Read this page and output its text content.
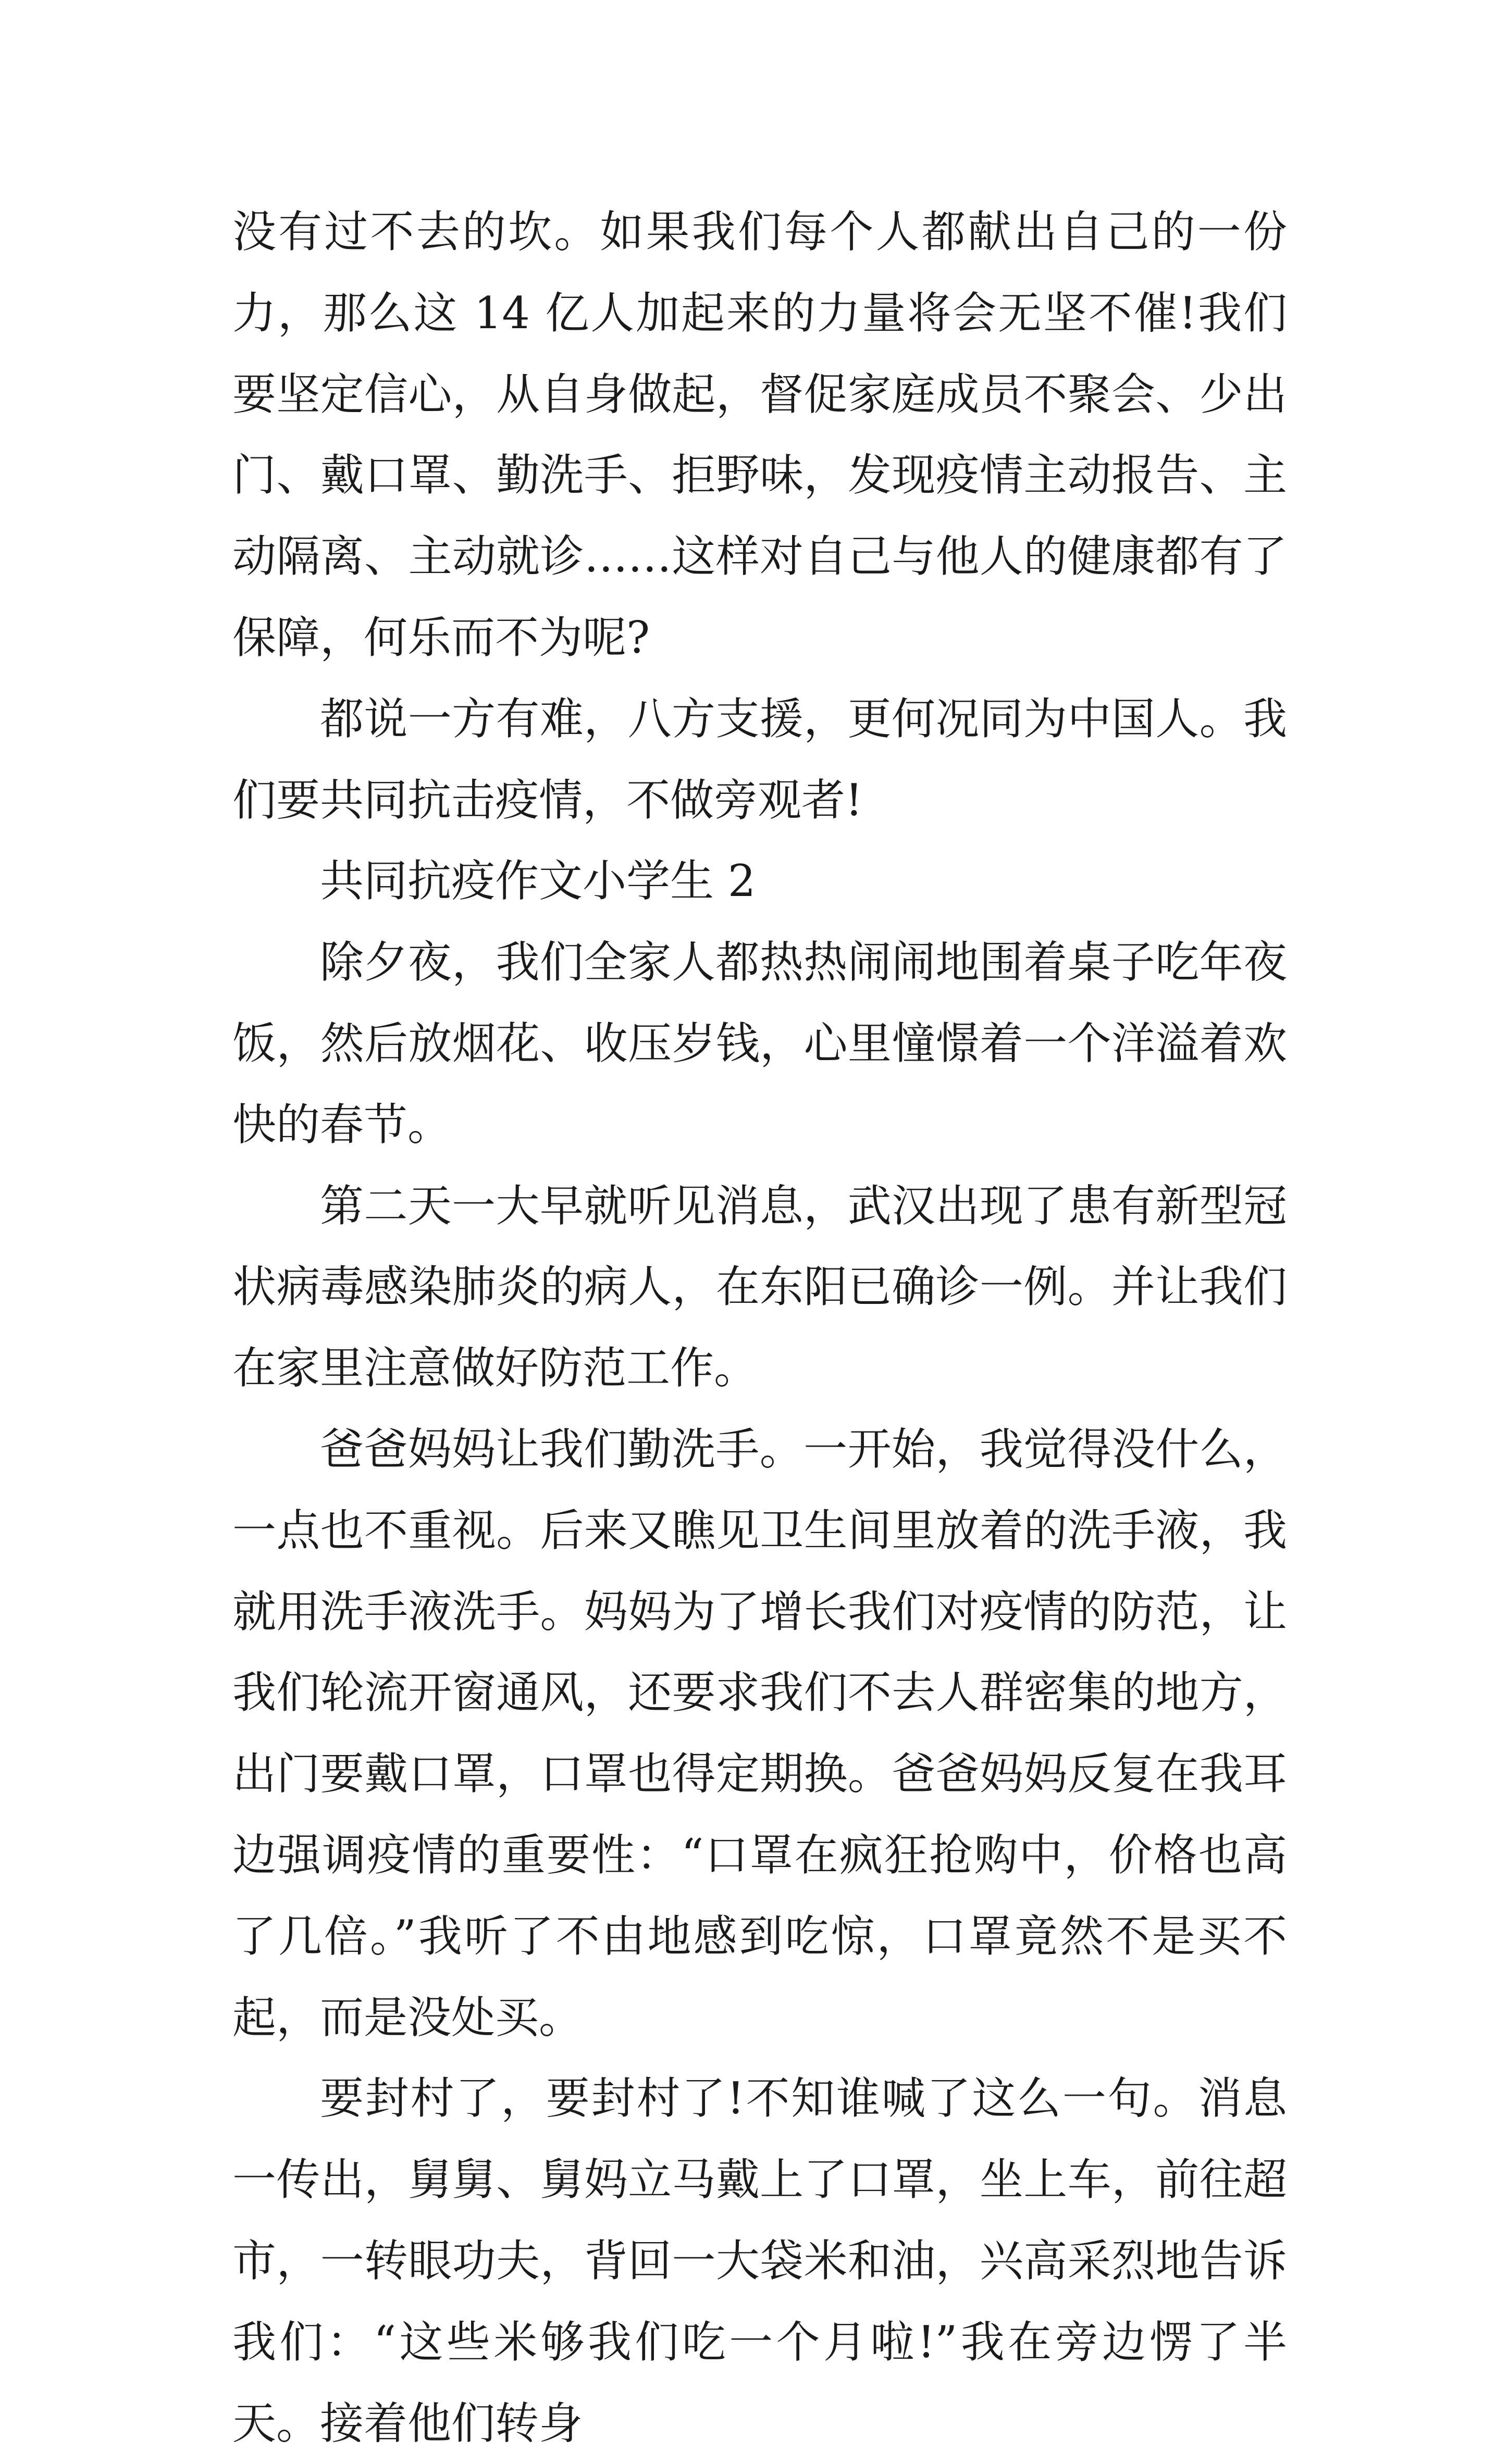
没有过不去的坎。如果我们每个人都献出自己的一份力，那么这 14 亿人加起来的力量将会无坚不催!我们要坚定信心，从自身做起，督促家庭成员不聚会、少出门、戴口罩、勤洗手、拒野味，发现疫情主动报告、主动隔离、主动就诊……这样对自己与他人的健康都有了保障，何乐而不为呢?

都说一方有难，八方支援，更何况同为中国人。我们要共同抗击疫情，不做旁观者!

共同抗疫作文小学生 2

除夕夜，我们全家人都热热闹闹地围着桌子吃年夜饭，然后放烟花、收压岁钱，心里憧憬着一个洋溢着欢快的春节。

第二天一大早就听见消息，武汉出现了患有新型冠状病毒感染肺炎的病人，在东阳已确诊一例。并让我们在家里注意做好防范工作。

爸爸妈妈让我们勤洗手。一开始，我觉得没什么，一点也不重视。后来又瞧见卫生间里放着的洗手液，我就用洗手液洗手。妈妈为了增长我们对疫情的防范，让我们轮流开窗通风，还要求我们不去人群密集的地方，出门要戴口罩，口罩也得定期换。爸爸妈妈反复在我耳边强调疫情的重要性：“口罩在疯狂抢购中，价格也高了几倍。”我听了不由地感到吃惊，口罩竟然不是买不起，而是没处买。

要封村了，要封村了!不知谁喊了这么一句。消息一传出，舅舅、舅妈立马戴上了口罩，坐上车，前往超市，一转眼功夫，背回一大袋米和油，兴高采烈地告诉我们：“这些米够我们吃一个月啦!”我在旁边愣了半天。接着他们转身
